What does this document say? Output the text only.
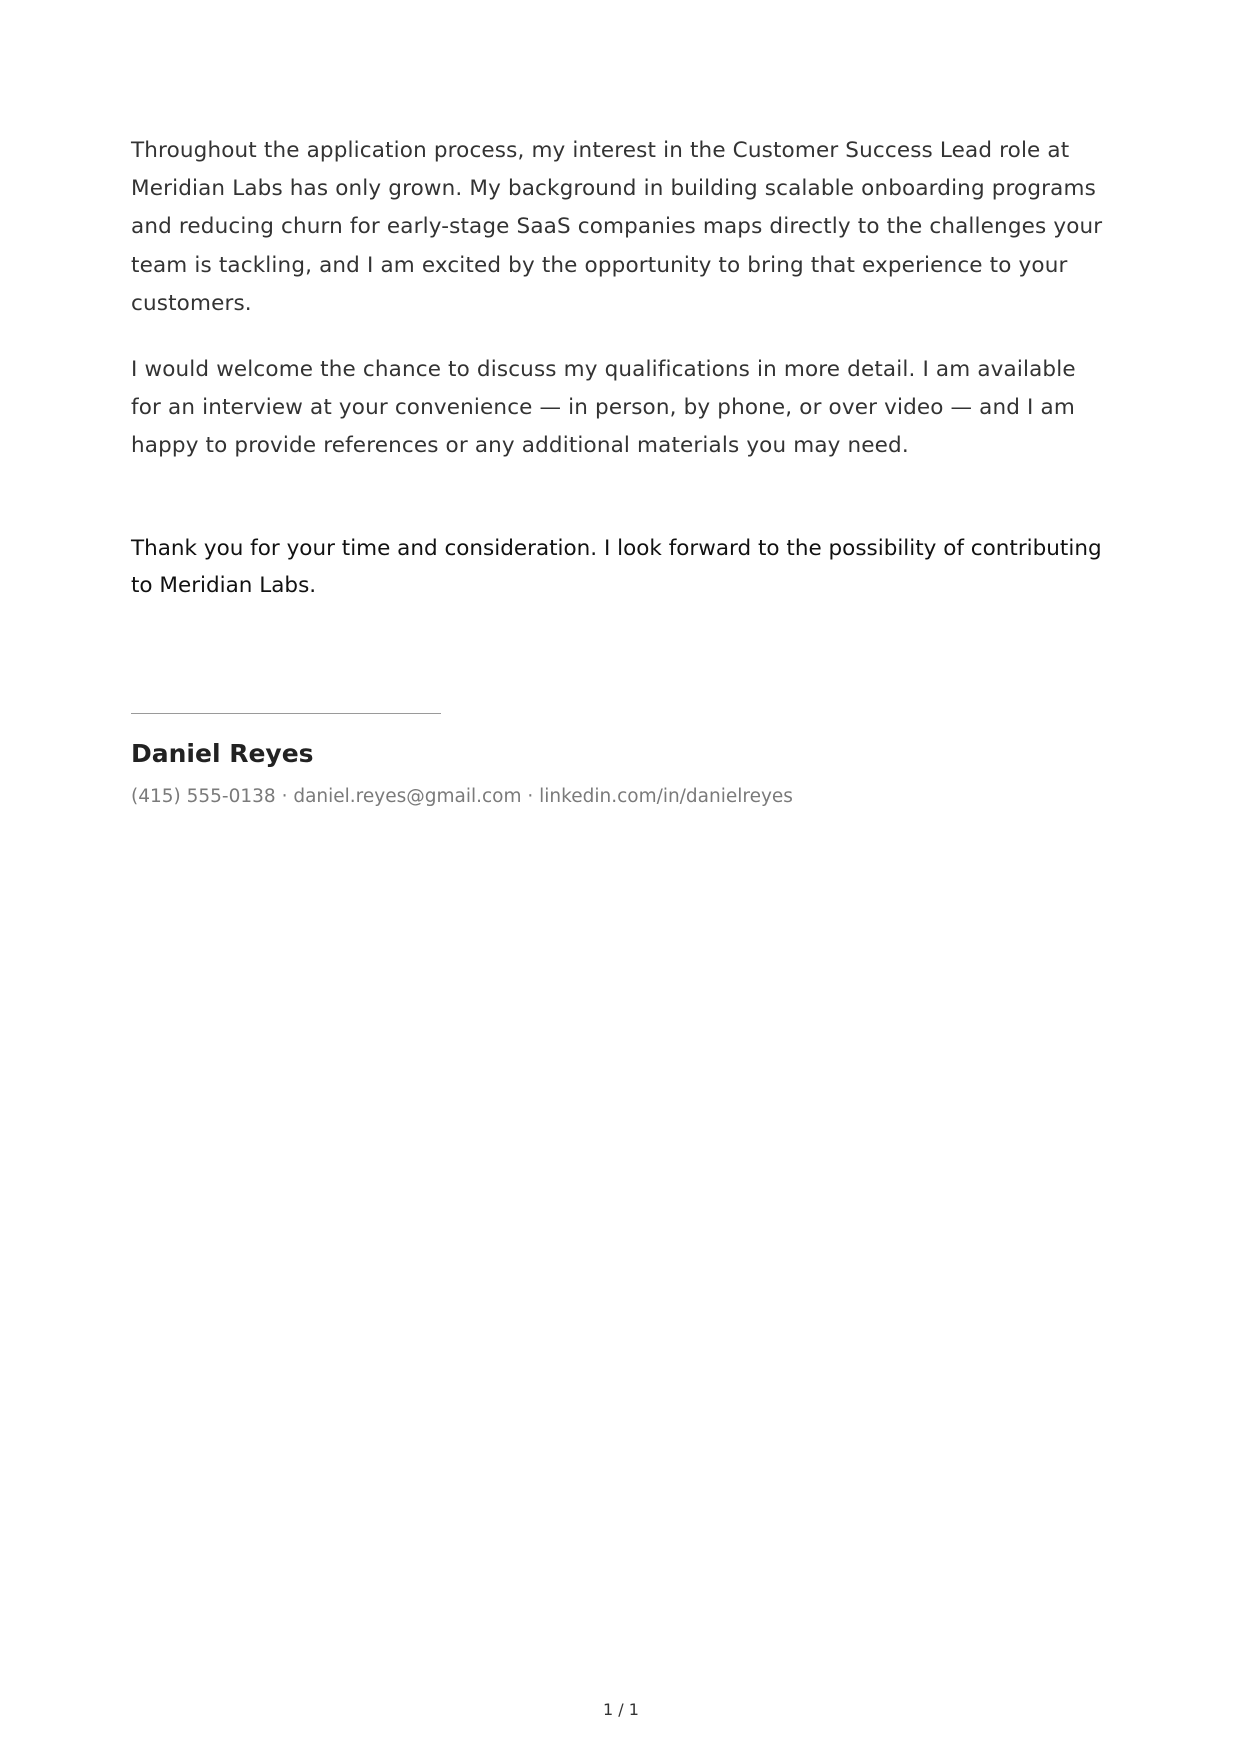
Throughout the application process, my interest in the Customer Success Lead role at Meridian Labs has only grown. My background in building scalable onboarding programs and reducing churn for early-stage SaaS companies maps directly to the challenges your team is tackling, and I am excited by the opportunity to bring that experience to your customers.

I would welcome the chance to discuss my qualifications in more detail. I am available for an interview at your convenience — in person, by phone, or over video — and I am happy to provide references or any additional materials you may need.

Thank you for your time and consideration. I look forward to the possibility of contributing to Meridian Labs.

Daniel Reyes

(415) 555-0138 · daniel.reyes@gmail.com · linkedin.com/in/danielreyes

1 / 1
